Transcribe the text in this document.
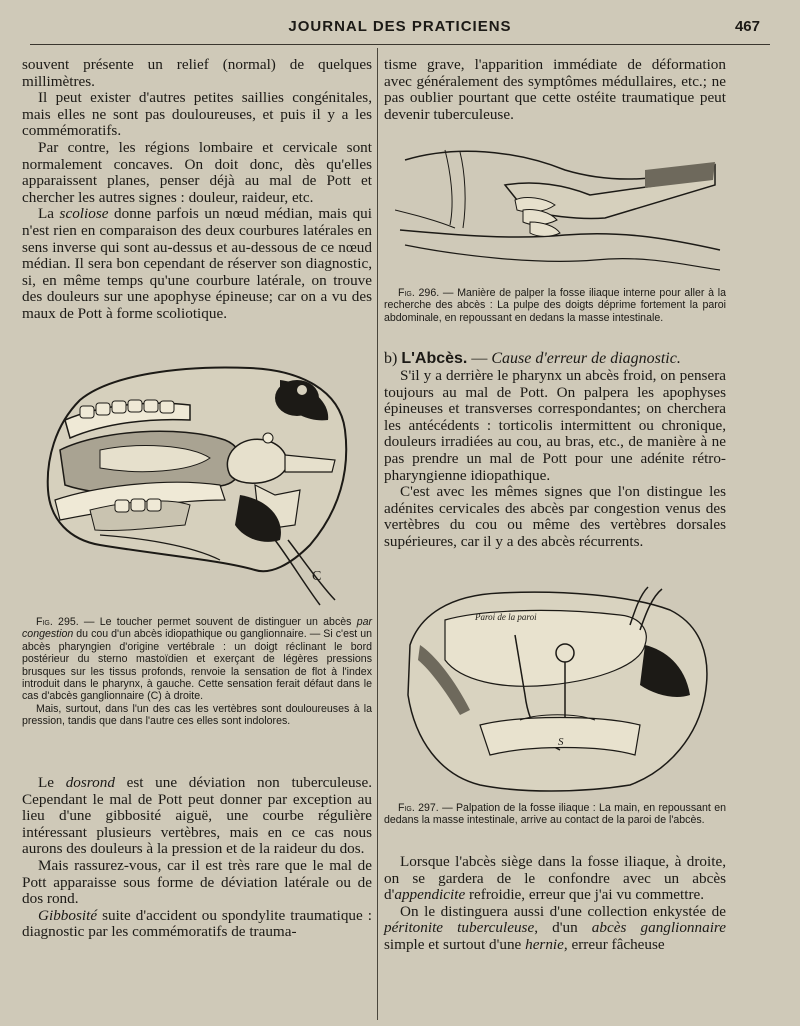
JOURNAL DES PRATICIENS	467

souvent présente un relief (normal) de quelques millimètres.

Il peut exister d'autres petites saillies congénitales, mais elles ne sont pas douloureuses, et puis il y a les commémoratifs.

Par contre, les régions lombaire et cervicale sont normalement concaves. On doit donc, dès qu'elles apparaissent planes, penser déjà au mal de Pott et chercher les autres signes : douleur, raideur, etc.

La scoliose donne parfois un nœud médian, mais qui n'est rien en comparaison des deux courbures latérales en sens inverse qui sont au-dessus et au-dessous de ce nœud médian. Il sera bon cependant de réserver son diagnostic, si, en même temps qu'une courbure latérale, on trouve des douleurs sur une apophyse épineuse; car on a vu des maux de Pott à forme scoliotique.

C

Fig. 295. — Le toucher permet souvent de distinguer un abcès par congestion du cou d'un abcès idiopathique ou ganglionnaire. — Si c'est un abcès pharyngien d'origine vertébrale : un doigt réclinant le bord postérieur du sterno mastoïdien et exerçant de légères pressions brusques sur les tissus profonds, renvoie la sensation de flot à l'index introduit dans le pharynx, à gauche. Cette sensation ferait défaut dans le cas d'abcès ganglionnaire (C) à droite.

Mais, surtout, dans l'un des cas les vertèbres sont douloureuses à la pression, tandis que dans l'autre ces elles sont indolores.

Le dosrond est une déviation non tuberculeuse. Cependant le mal de Pott peut donner par exception au lieu d'une gibbosité aiguë, une courbe régulière intéressant plusieurs vertèbres, mais en ce cas nous aurons des douleurs à la pression et de la raideur du dos.

Mais rassurez-vous, car il est très rare que le mal de Pott apparaisse sous forme de déviation latérale ou de dos rond.

Gibbosité suite d'accident ou spondylite traumatique : diagnostic par les commémoratifs de trauma-

tisme grave, l'apparition immédiate de déformation avec généralement des symptômes médullaires, etc.; ne pas oublier pourtant que cette ostéite traumatique peut devenir tuberculeuse.

Fig. 296. — Manière de palper la fosse iliaque interne pour aller à la recherche des abcès : La pulpe des doigts déprime fortement la paroi abdominale, en repoussant en dedans la masse intestinale.

b) L'Abcès. — Cause d'erreur de diagnostic.

S'il y a derrière le pharynx un abcès froid, on pensera toujours au mal de Pott. On palpera les apophyses épineuses et transverses correspondantes; on cherchera les antécédents : torticolis intermittent ou chronique, douleurs irradiées au cou, au bras, etc., de manière à ne pas prendre un mal de Pott pour une adénite rétro-pharyngienne idiopathique.

C'est avec les mêmes signes que l'on distingue les adénites cervicales des abcès par congestion venus des vertèbres du cou ou même des vertèbres dorsales supérieures, car il y a des abcès récurrents.

Paroi de la paroi
S

Fig. 297. — Palpation de la fosse iliaque : La main, en repoussant en dedans la masse intestinale, arrive au contact de la paroi de l'abcès.

Lorsque l'abcès siège dans la fosse iliaque, à droite, on se gardera de le confondre avec un abcès d'appendicite refroidie, erreur que j'ai vu commettre.

On le distinguera aussi d'une collection enkystée de péritonite tuberculeuse, d'un abcès ganglionnaire simple et surtout d'une hernie, erreur fâcheuse
